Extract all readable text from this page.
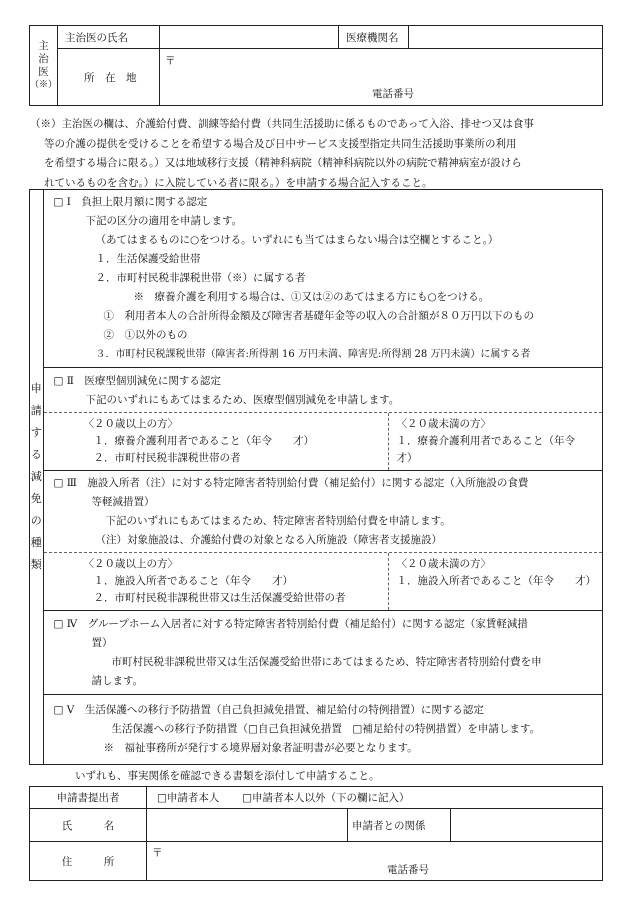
主
治
医
（※）	主治医の氏名		医療機関名	
	所　在　地	〒
電話番号		
（※）主治医の欄は、介護給付費、訓練等給付費（共同生活援助に係るものであって入浴、排せつ又は食事
等の介護の提供を受けることを希望する場合及び日中サービス支援型指定共同生活援助事業所の利用
を希望する場合に限る。）又は地域移行支援（精神科病院（精神科病院以外の病院で精神病室が設けら
れているものを含む。）に入院している者に限る。）を申請する場合記入すること。
申
請
す
る
減
免
の
種
類

□ Ⅰ　負担上限月額に関する認定
下記の区分の適用を申請します。
（あてはまるものに○をつける。いずれにも当てはまらない場合は空欄とすること。）
１．生活保護受給世帯
２．市町村民税非課税世帯（※）に属する者
※　療養介護を利用する場合は、①又は②のあてはまる方にも○をつける。
①　利用者本人の合計所得金額及び障害者基礎年金等の収入の合計額が８０万円以下のもの
②　①以外のもの
３．市町村民税課税世帯（障害者:所得割 16 万円未満、障害児:所得割 28 万円未満）に属する者

□ Ⅱ　医療型個別減免に関する認定
下記のいずれにもあてはまるため、医療型個別減免を申請します。
〈２０歳以上の方〉
１．療養介護利用者であること（年令　　才）
２．市町村民税非課税世帯の者
〈２０歳未満の方〉
１．療養介護利用者であること（年令
才）

□ Ⅲ　施設入所者（注）に対する特定障害者特別給付費（補足給付）に関する認定（入所施設の食費
等軽減措置）
下記のいずれにもあてはまるため、特定障害者特別給付費を申請します。
（注）対象施設は、介護給付費の対象となる入所施設（障害者支援施設）
〈２０歳以上の方〉
１．施設入所者であること（年令　　才）
２．市町村民税非課税世帯又は生活保護受給世帯の者
〈２０歳未満の方〉
１．施設入所者であること（年令　　才）

□ Ⅳ　グループホーム入居者に対する特定障害者特別給付費（補足給付）に関する認定（家賃軽減措
置）
市町村民税非課税世帯又は生活保護受給世帯にあてはまるため、特定障害者特別給付費を申
請します。

□ Ⅴ　生活保護への移行予防措置（自己負担減免措置、補足給付の特例措置）に関する認定
生活保護への移行予防措置（□自己負担減免措置　□補足給付の特例措置）を申請します。
※　福祉事務所が発行する境界層対象者証明書が必要となります。
いずれも、事実関係を確認できる書類を添付して申請すること。
申請書提出者	□申請者本人 □申請者本人以外（下の欄に記入）		
氏　　　名		申請者との関係	
住　　　所	〒
電話番号		
